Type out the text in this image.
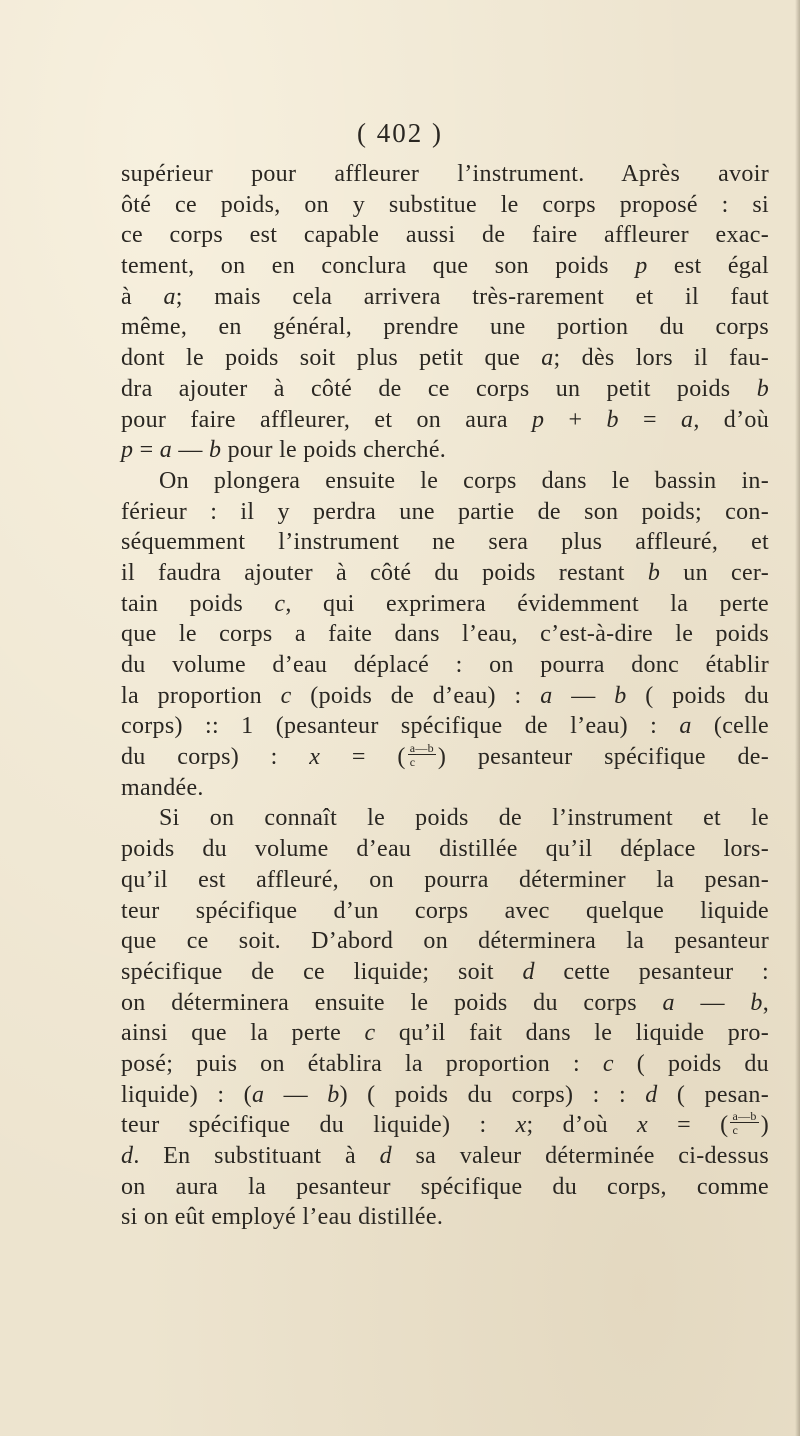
( 402 )
supérieur pour affleurer l’instrument. Après avoir
ôté ce poids, on y substitue le corps proposé : si
ce corps est capable aussi de faire affleurer exac-
tement, on en conclura que son poids p est égal
à a; mais cela arrivera très-rarement et il faut
même, en général, prendre une portion du corps
dont le poids soit plus petit que a; dès lors il fau-
dra ajouter à côté de ce corps un petit poids b
pour faire affleurer, et on aura p + b = a, d’où
p = a — b pour le poids cherché.
On plongera ensuite le corps dans le bassin in-
férieur : il y perdra une partie de son poids; con-
séquemment l’instrument ne sera plus affleuré, et
il faudra ajouter à côté du poids restant b un cer-
tain poids c, qui exprimera évidemment la perte
que le corps a faite dans l’eau, c’est-à-dire le poids
du volume d’eau déplacé : on pourra donc établir
la proportion c (poids de d’eau) : a — b ( poids du
corps) :: 1 (pesanteur spécifique de l’eau) : a (celle
du corps) : x = ( $\frac{a—b}{c}$ ) pesanteur spécifique de-
mandée.
Si on connaît le poids de l’instrument et le
poids du volume d’eau distillée qu’il déplace lors-
qu’il est affleuré, on pourra déterminer la pesan-
teur spécifique d’un corps avec quelque liquide
que ce soit. D’abord on déterminera la pesanteur
spécifique de ce liquide; soit d cette pesanteur :
on déterminera ensuite le poids du corps a — b,
ainsi que la perte c qu’il fait dans le liquide pro-
posé; puis on établira la proportion : c ( poids du
liquide) : (a — b) ( poids du corps) : : d ( pesan-
teur spécifique du liquide) : x; d’où x = ( $\frac{a—b}{c}$ )
d. En substituant à d sa valeur déterminée ci-dessus
on aura la pesanteur spécifique du corps, comme
si on eût employé l’eau distillée.
